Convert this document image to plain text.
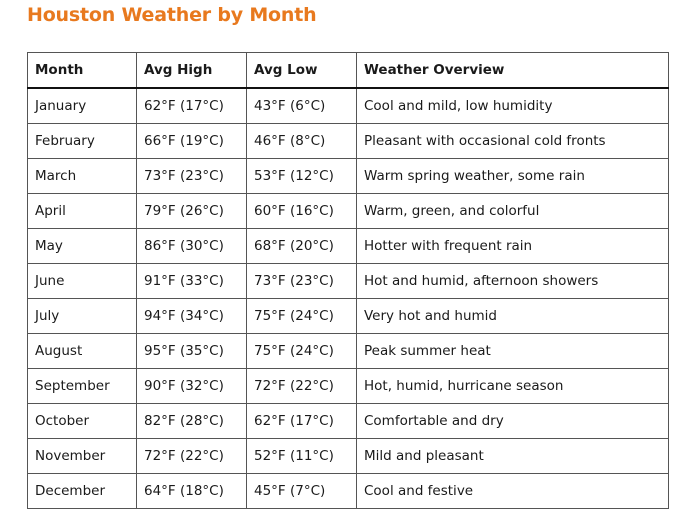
Houston Weather by Month
Month	Avg High	Avg Low	Weather Overview
January	62°F (17°C)	43°F (6°C)	Cool and mild, low humidity
February	66°F (19°C)	46°F (8°C)	Pleasant with occasional cold fronts
March	73°F (23°C)	53°F (12°C)	Warm spring weather, some rain
April	79°F (26°C)	60°F (16°C)	Warm, green, and colorful
May	86°F (30°C)	68°F (20°C)	Hotter with frequent rain
June	91°F (33°C)	73°F (23°C)	Hot and humid, afternoon showers
July	94°F (34°C)	75°F (24°C)	Very hot and humid
August	95°F (35°C)	75°F (24°C)	Peak summer heat
September	90°F (32°C)	72°F (22°C)	Hot, humid, hurricane season
October	82°F (28°C)	62°F (17°C)	Comfortable and dry
November	72°F (22°C)	52°F (11°C)	Mild and pleasant
December	64°F (18°C)	45°F (7°C)	Cool and festive
